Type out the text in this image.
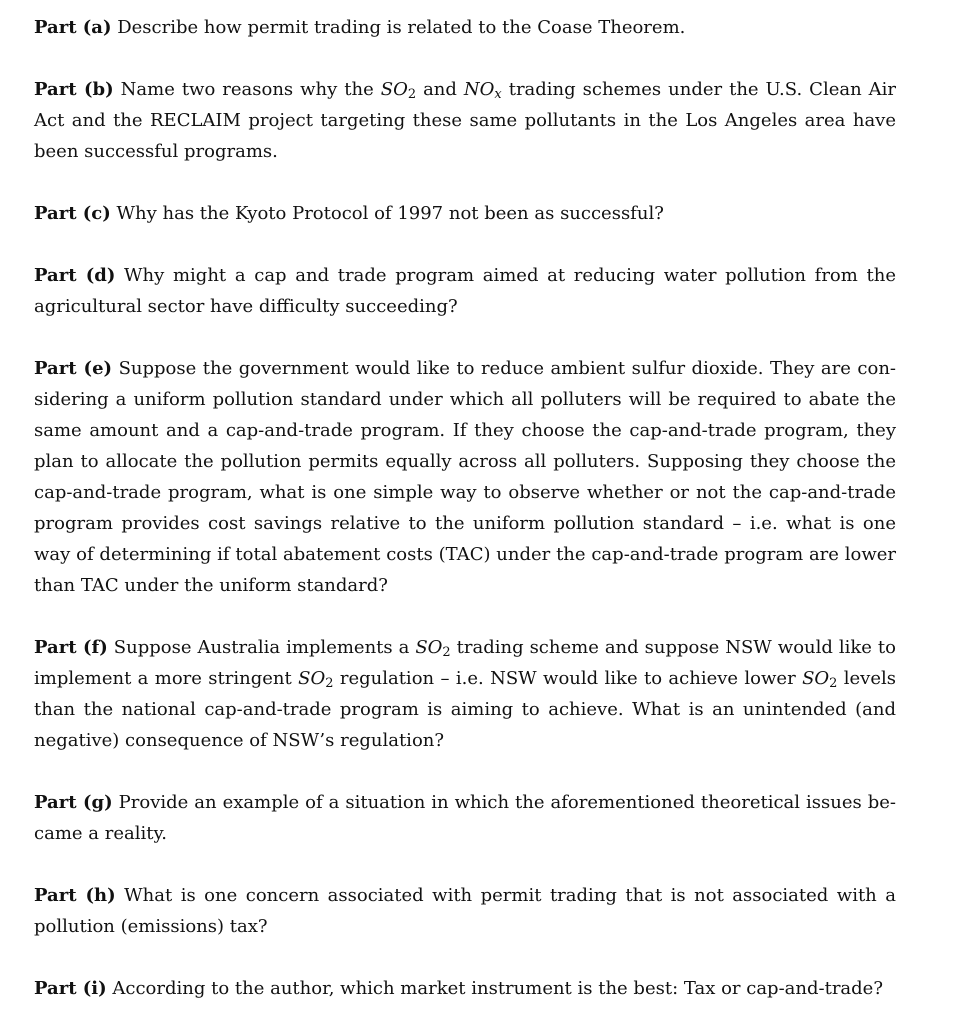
Part (a) Describe how permit trading is related to the Coase Theorem.

Part (b) Name two reasons why the $SO_2$ and $NO_x$ trading schemes under the U.S. Clean Air Act and the RECLAIM project targeting these same pollutants in the Los Angeles area have been successful programs.

Part (c) Why has the Kyoto Protocol of 1997 not been as successful?

Part (d) Why might a cap and trade program aimed at reducing water pollution from the agricultural sector have difficulty succeeding?

Part (e) Suppose the government would like to reduce ambient sulfur dioxide. They are considering a uniform pollution standard under which all polluters will be required to abate the same amount and a cap-and-trade program. If they choose the cap-and-trade program, they plan to allocate the pollution permits equally across all polluters. Supposing they choose the cap-and-trade program, what is one simple way to observe whether or not the cap-and-trade program provides cost savings relative to the uniform pollution standard – i.e. what is one way of determining if total abatement costs (TAC) under the cap-and-trade program are lower than TAC under the uniform standard?

Part (f) Suppose Australia implements a $SO_2$ trading scheme and suppose NSW would like to implement a more stringent $SO_2$ regulation – i.e. NSW would like to achieve lower $SO_2$ levels than the national cap-and-trade program is aiming to achieve. What is an unintended (and negative) consequence of NSW’s regulation?

Part (g) Provide an example of a situation in which the aforementioned theoretical issues became a reality.

Part (h) What is one concern associated with permit trading that is not associated with a pollution (emissions) tax?

Part (i) According to the author, which market instrument is the best: Tax or cap-and-trade?
